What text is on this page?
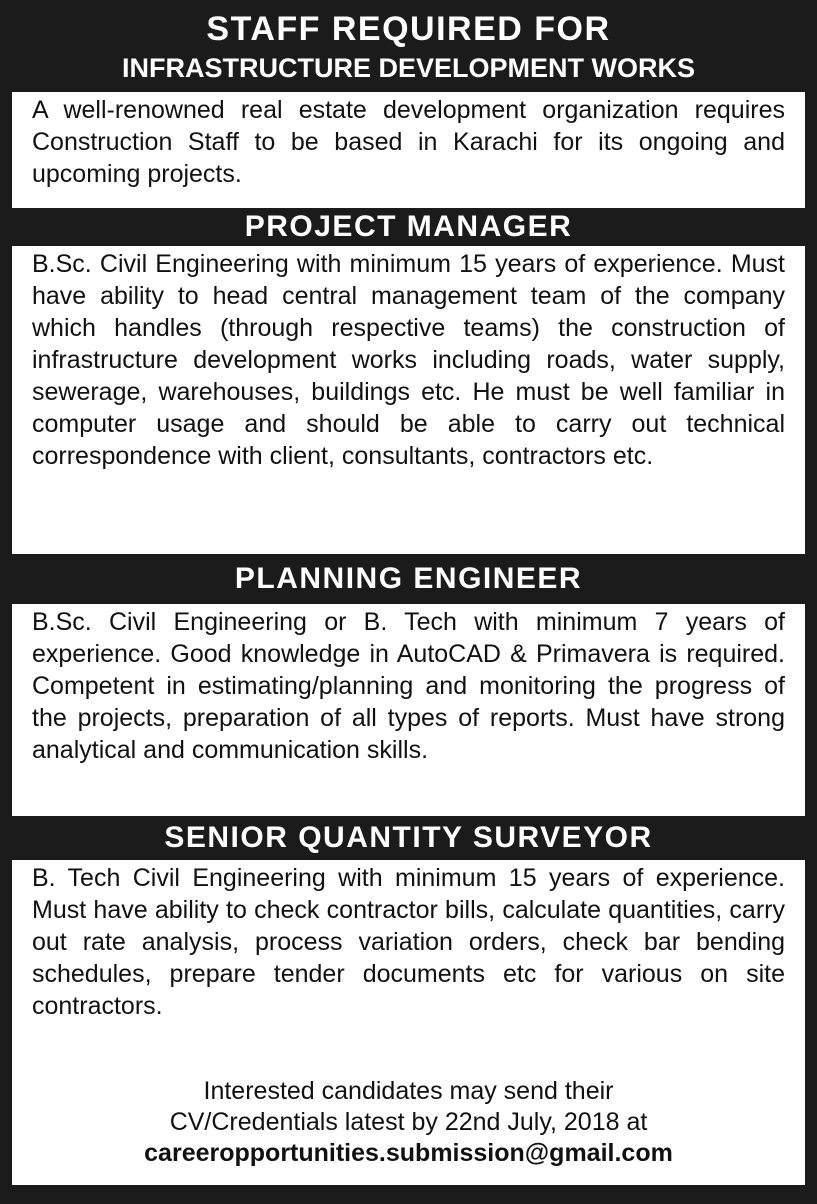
STAFF REQUIRED FOR
INFRASTRUCTURE DEVELOPMENT WORKS
A well-renowned real estate development organization requires Construction Staff to be based in Karachi for its ongoing and upcoming projects.
PROJECT MANAGER
B.Sc. Civil Engineering with minimum 15 years of experience. Must have ability to head central management team of the company which handles (through respective teams) the construction of infrastructure development works including roads, water supply, sewerage, warehouses, buildings etc. He must be well familiar in computer usage and should be able to carry out technical correspondence with client, consultants, contractors etc.
PLANNING ENGINEER
B.Sc. Civil Engineering or B. Tech with minimum 7 years of experience. Good knowledge in AutoCAD & Primavera is required. Competent in estimating/planning and monitoring the progress of the projects, preparation of all types of reports. Must have strong analytical and communication skills.
SENIOR QUANTITY SURVEYOR
B. Tech Civil Engineering with minimum 15 years of experience. Must have ability to check contractor bills, calculate quantities, carry out rate analysis, process variation orders, check bar bending schedules, prepare tender documents etc for various on site contractors.
Interested candidates may send their
CV/Credentials latest by 22nd July, 2018 at
careeropportunities.submission@gmail.com
